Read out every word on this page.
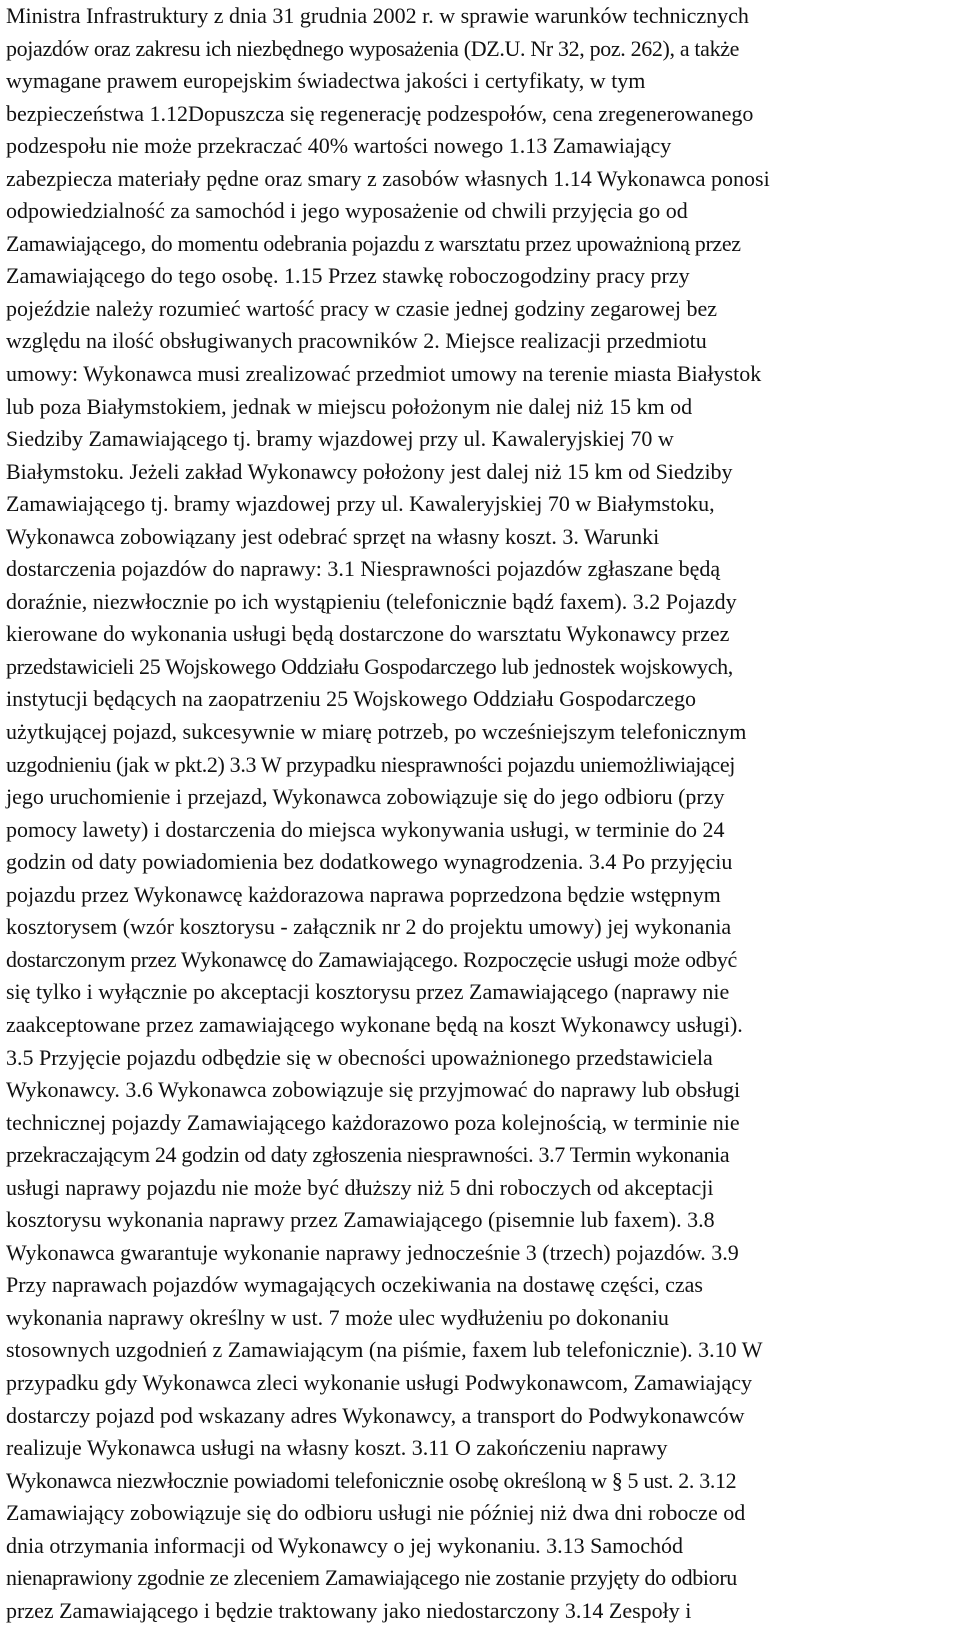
Ministra Infrastruktury z dnia 31 grudnia 2002 r. w sprawie warunków technicznych
pojazdów oraz zakresu ich niezbędnego wyposażenia (DZ.U. Nr 32, poz. 262), a także
wymagane prawem europejskim świadectwa jakości i certyfikaty, w tym
bezpieczeństwa 1.12Dopuszcza się regenerację podzespołów, cena zregenerowanego
podzespołu nie może przekraczać 40% wartości nowego 1.13 Zamawiający
zabezpiecza materiały pędne oraz smary z zasobów własnych 1.14 Wykonawca ponosi
odpowiedzialność za samochód i jego wyposażenie od chwili przyjęcia go od
Zamawiającego, do momentu odebrania pojazdu z warsztatu przez upoważnioną przez
Zamawiającego do tego osobę. 1.15 Przez stawkę roboczogodziny pracy przy
pojeździe należy rozumieć wartość pracy w czasie jednej godziny zegarowej bez
względu na ilość obsługiwanych pracowników 2. Miejsce realizacji przedmiotu
umowy: Wykonawca musi zrealizować przedmiot umowy na terenie miasta Białystok
lub poza Białymstokiem, jednak w miejscu położonym nie dalej niż 15 km od
Siedziby Zamawiającego tj. bramy wjazdowej przy ul. Kawaleryjskiej 70 w
Białymstoku. Jeżeli zakład Wykonawcy położony jest dalej niż 15 km od Siedziby
Zamawiającego tj. bramy wjazdowej przy ul. Kawaleryjskiej 70 w Białymstoku,
Wykonawca zobowiązany jest odebrać sprzęt na własny koszt. 3. Warunki
dostarczenia pojazdów do naprawy: 3.1 Niesprawności pojazdów zgłaszane będą
doraźnie, niezwłocznie po ich wystąpieniu (telefonicznie bądź faxem). 3.2 Pojazdy
kierowane do wykonania usługi będą dostarczone do warsztatu Wykonawcy przez
przedstawicieli 25 Wojskowego Oddziału Gospodarczego lub jednostek wojskowych,
instytucji będących na zaopatrzeniu 25 Wojskowego Oddziału Gospodarczego
użytkującej pojazd, sukcesywnie w miarę potrzeb, po wcześniejszym telefonicznym
uzgodnieniu (jak w pkt.2) 3.3 W przypadku niesprawności pojazdu uniemożliwiającej
jego uruchomienie i przejazd, Wykonawca zobowiązuje się do jego odbioru (przy
pomocy lawety) i dostarczenia do miejsca wykonywania usługi, w terminie do 24
godzin od daty powiadomienia bez dodatkowego wynagrodzenia. 3.4 Po przyjęciu
pojazdu przez Wykonawcę każdorazowa naprawa poprzedzona będzie wstępnym
kosztorysem (wzór kosztorysu - załącznik nr 2 do projektu umowy) jej wykonania
dostarczonym przez Wykonawcę do Zamawiającego. Rozpoczęcie usługi może odbyć
się tylko i wyłącznie po akceptacji kosztorysu przez Zamawiającego (naprawy nie
zaakceptowane przez zamawiającego wykonane będą na koszt Wykonawcy usługi).
3.5 Przyjęcie pojazdu odbędzie się w obecności upoważnionego przedstawiciela
Wykonawcy. 3.6 Wykonawca zobowiązuje się przyjmować do naprawy lub obsługi
technicznej pojazdy Zamawiającego każdorazowo poza kolejnością, w terminie nie
przekraczającym 24 godzin od daty zgłoszenia niesprawności. 3.7 Termin wykonania
usługi naprawy pojazdu nie może być dłuższy niż 5 dni roboczych od akceptacji
kosztorysu wykonania naprawy przez Zamawiającego (pisemnie lub faxem). 3.8
Wykonawca gwarantuje wykonanie naprawy jednocześnie 3 (trzech) pojazdów. 3.9
Przy naprawach pojazdów wymagających oczekiwania na dostawę części, czas
wykonania naprawy określny w ust. 7 może ulec wydłużeniu po dokonaniu
stosownych uzgodnień z Zamawiającym (na piśmie, faxem lub telefonicznie). 3.10 W
przypadku gdy Wykonawca zleci wykonanie usługi Podwykonawcom, Zamawiający
dostarczy pojazd pod wskazany adres Wykonawcy, a transport do Podwykonawców
realizuje Wykonawca usługi na własny koszt. 3.11 O zakończeniu naprawy
Wykonawca niezwłocznie powiadomi telefonicznie osobę określoną w § 5 ust. 2. 3.12
Zamawiający zobowiązuje się do odbioru usługi nie później niż dwa dni robocze od
dnia otrzymania informacji od Wykonawcy o jej wykonaniu. 3.13 Samochód
nienaprawiony zgodnie ze zleceniem Zamawiającego nie zostanie przyjęty do odbioru
przez Zamawiającego i będzie traktowany jako niedostarczony 3.14 Zespoły i
